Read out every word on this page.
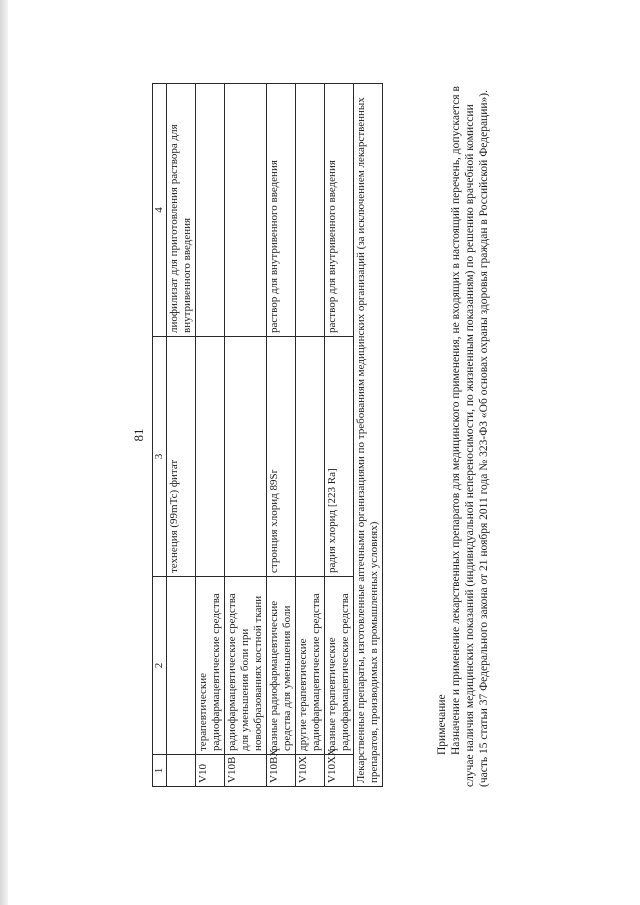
81
1	2	3	4
		технеция (99mTc) фитат	лиофилизат для приготовления раствора для внутривенного введения
V10	терапевтические радиофармацевтические средства		
V10B	радиофармацевтические средства для уменьшения боли при новообразованиях костной ткани		
V10BX	разные радиофармацевтические средства для уменьшения боли	стронция хлорид 89Sr	раствор для внутривенного введения
V10X	другие терапевтические радиофармацевтические средства		
V10XX	разные терапевтические радиофармацевтические средства	радия хлорид [223 Ra]	раствор для внутривенного введения
Лекарственные препараты, изготовленные аптечными организациями по требованиям медицинских организаций (за исключением лекарственных препаратов, производимых в промышленных условиях)				Примечание Назначение и применение лекарственных препаратов для медицинского применения, не входящих в настоящий перечень, допускается в случае наличия медицинских показаний (индивидуальной непереносимости, по жизненным показаниям) по решению врачебной комиссии (часть 15 статьи 37 Федерального закона от 21 ноября 2011 года № 323-ФЗ «Об основах охраны здоровья граждан в Российской Федерации»).
